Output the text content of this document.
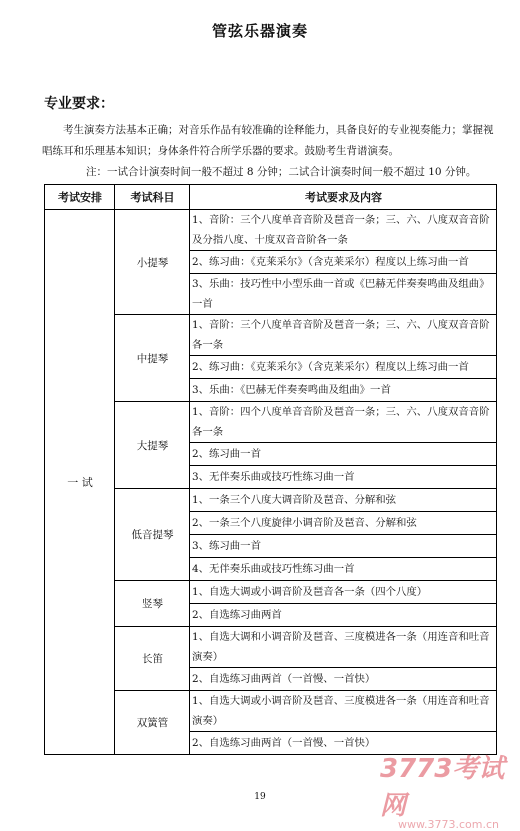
管弦乐器演奏
专业要求：
考生演奏方法基本正确；对音乐作品有较准确的诠释能力，具备良好的专业视奏能力；掌握视唱练耳和乐理基本知识；身体条件符合所学乐器的要求。鼓励考生背谱演奏。
注：一试合计演奏时间一般不超过 8 分钟；二试合计演奏时间一般不超过 10 分钟。
考试安排	考试科目	考试要求及内容
一 试	小提琴	1、音阶：三个八度单音音阶及琶音一条；三、六、八度双音音阶及分指八度、十度双音音阶各一条
		2、练习曲：《克莱采尔》（含克莱采尔）程度以上练习曲一首
		3、乐曲：技巧性中小型乐曲一首或《巴赫无伴奏奏鸣曲及组曲》一首
	中提琴	1、音阶：三个八度单音音阶及琶音一条；三、六、八度双音音阶各一条
		2、练习曲：《克莱采尔》（含克莱采尔）程度以上练习曲一首
		3、乐曲：《巴赫无伴奏奏鸣曲及组曲》一首
	大提琴	1、音阶：四个八度单音音阶及琶音一条；三、六、八度双音音阶各一条
		2、练习曲一首
		3、无伴奏乐曲或技巧性练习曲一首
	低音提琴	1、一条三个八度大调音阶及琶音、分解和弦
		2、一条三个八度旋律小调音阶及琶音、分解和弦
		3、练习曲一首
		4、无伴奏乐曲或技巧性练习曲一首
	竖琴	1、自选大调或小调音阶及琶音各一条（四个八度）
		2、自选练习曲两首
	长笛	1、自选大调和小调音阶及琶音、三度模进各一条（用连音和吐音演奏）
		2、自选练习曲两首（一首慢、一首快）
	双簧管	1、自选大调或小调音阶及琶音、三度模进各一条（用连音和吐音演奏）
		2、自选练习曲两首（一首慢、一首快）
3773考试网
www.3773.com.cn
19
